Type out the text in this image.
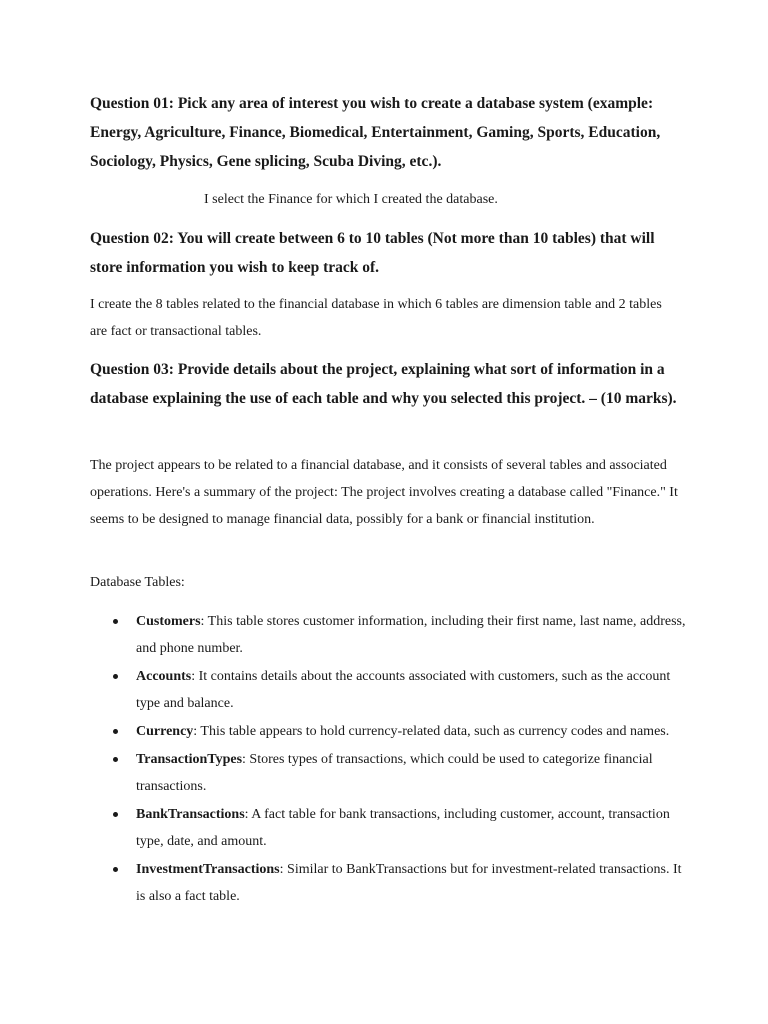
Question 01: Pick any area of interest you wish to create a database system (example: Energy, Agriculture, Finance, Biomedical, Entertainment, Gaming, Sports, Education, Sociology, Physics, Gene splicing, Scuba Diving, etc.).

I select the Finance for which I created the database.

Question 02: You will create between 6 to 10 tables (Not more than 10 tables) that will store information you wish to keep track of.

I create the 8 tables related to the financial database in which 6 tables are dimension table and 2 tables are fact or transactional tables.

Question 03: Provide details about the project, explaining what sort of information in a database explaining the use of each table and why you selected this project. – (10 marks).

The project appears to be related to a financial database, and it consists of several tables and associated operations. Here's a summary of the project: The project involves creating a database called "Finance." It seems to be designed to manage financial data, possibly for a bank or financial institution.

Database Tables:

Customers: This table stores customer information, including their first name, last name, address, and phone number.
Accounts: It contains details about the accounts associated with customers, such as the account type and balance.
Currency: This table appears to hold currency-related data, such as currency codes and names.
TransactionTypes: Stores types of transactions, which could be used to categorize financial transactions.
BankTransactions: A fact table for bank transactions, including customer, account, transaction type, date, and amount.
InvestmentTransactions: Similar to BankTransactions but for investment-related transactions. It is also a fact table.
